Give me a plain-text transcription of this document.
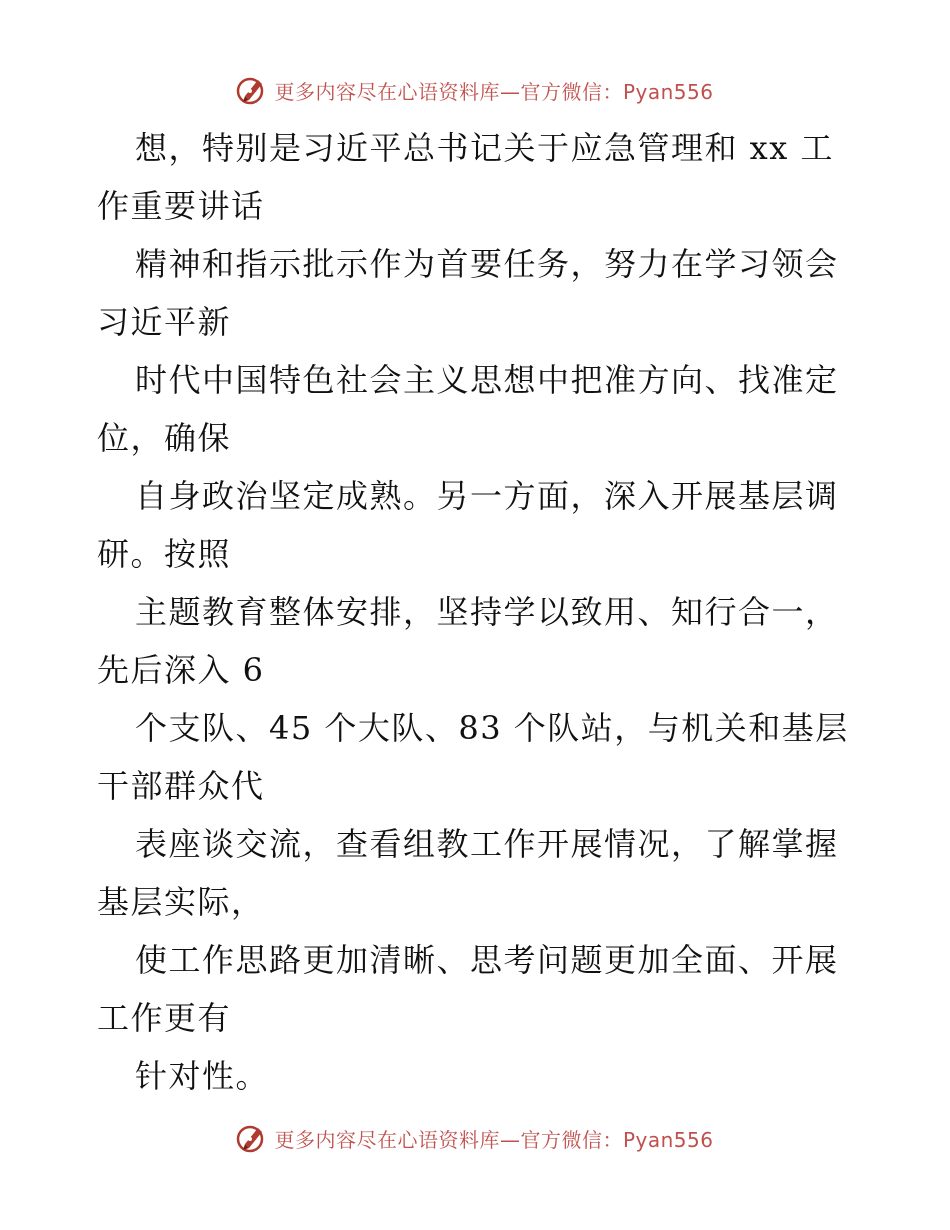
更多内容尽在心语资料库—官方微信：Pyan556
想，特别是习近平总书记关于应急管理和 xx 工
作重要讲话
精神和指示批示作为首要任务，努力在学习领会
习近平新
时代中国特色社会主义思想中把准方向、找准定
位，确保
自身政治坚定成熟。另一方面，深入开展基层调
研。按照
主题教育整体安排，坚持学以致用、知行合一，
先后深入 6
个支队、45 个大队、83 个队站，与机关和基层
干部群众代
表座谈交流，查看组教工作开展情况，了解掌握
基层实际，
使工作思路更加清晰、思考问题更加全面、开展
工作更有
针对性。
更多内容尽在心语资料库—官方微信：Pyan556
